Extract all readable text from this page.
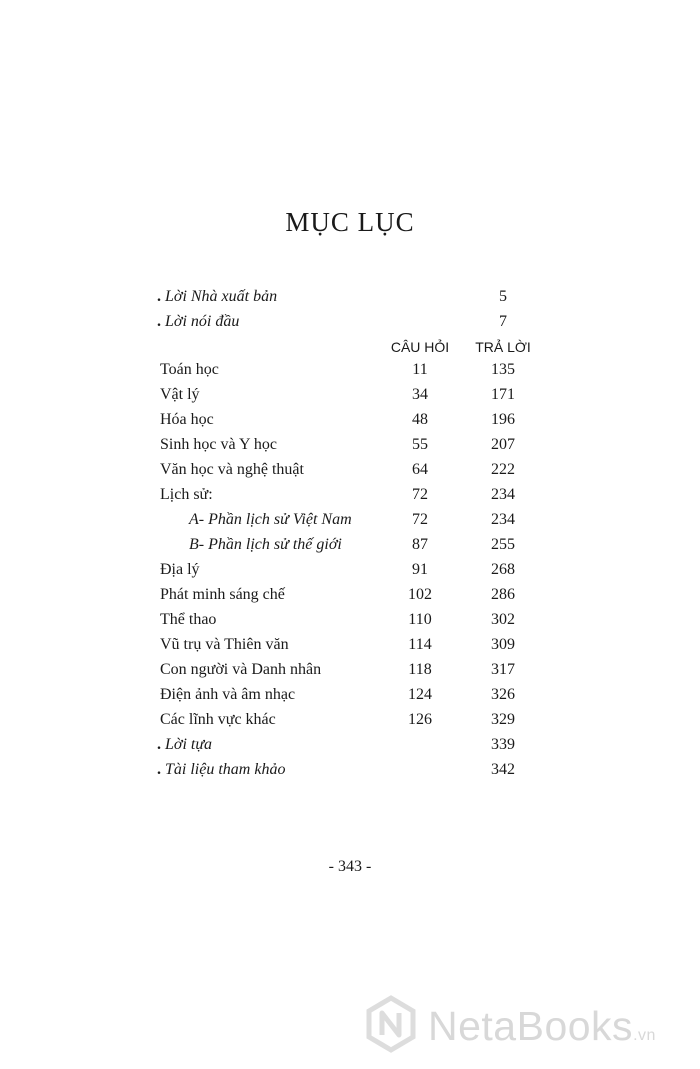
MỤC LỤC
. Lời Nhà xuất bản	5
. Lời nói đầu	7
CÂU HỎI	TRẢ LỜI
Toán học	11	135
Vật lý	34	171
Hóa học	48	196
Sinh học và Y học	55	207
Văn học và nghệ thuật	64	222
Lịch sử:	72	234
A- Phần lịch sử Việt Nam	72	234
B- Phần lịch sử thế giới	87	255
Địa lý	91	268
Phát minh sáng chế	102	286
Thể thao	110	302
Vũ trụ và Thiên văn	114	309
Con người và Danh nhân	118	317
Điện ảnh và âm nhạc	124	326
Các lĩnh vực khác	126	329
. Lời tựa	339
. Tài liệu tham khảo	342
- 343 -
NetaBooks.vn
